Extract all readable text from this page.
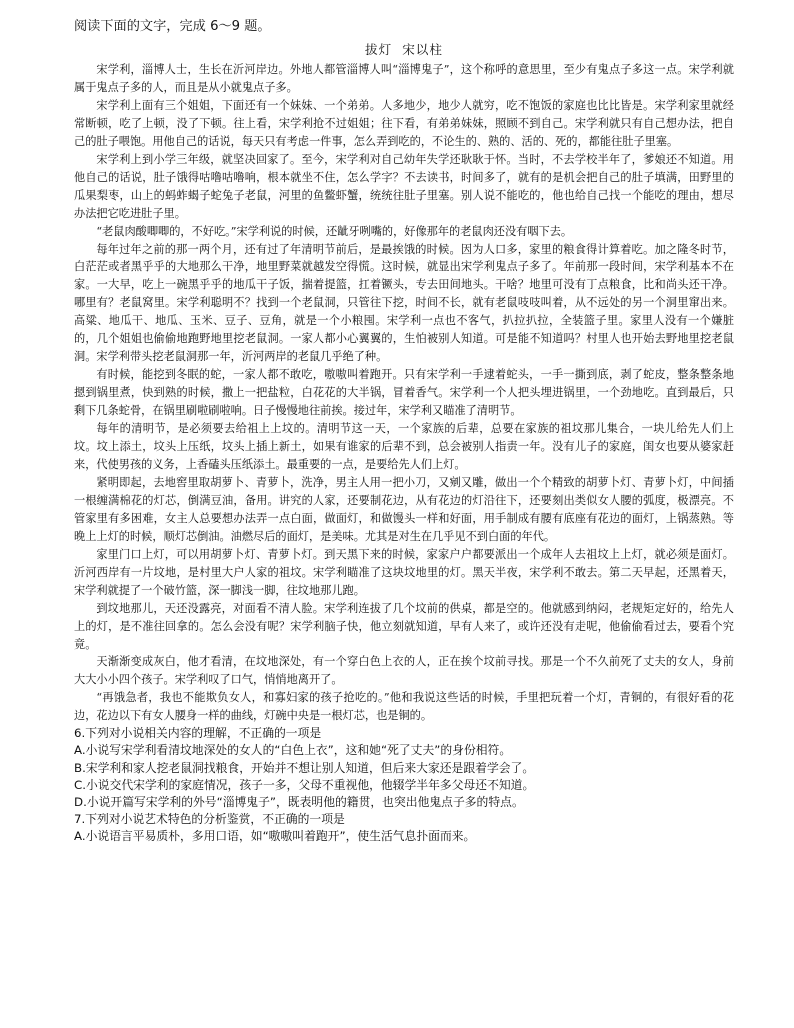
阅读下面的文字，完成 6～9 题。

拔灯 宋以柱

宋学利，淄博人士，生长在沂河岸边。外地人都管淄博人叫“淄博鬼子”，这个称呼的意思里，至少有鬼点子多这一点。宋学利就属于鬼点子多的人，而且是从小就鬼点子多。

宋学利上面有三个姐姐，下面还有一个妹妹、一个弟弟。人多地少，地少人就穷，吃不饱饭的家庭也比比皆是。宋学利家里就经常断顿，吃了上顿，没了下顿。往上看，宋学利抢不过姐姐；往下看，有弟弟妹妹，照顾不到自己。宋学利就只有自己想办法，把自己的肚子喂饱。用他自己的话说，每天只有考虑一件事，怎么弄到吃的，不论生的、熟的、活的、死的，都能往肚子里塞。

宋学利上到小学三年级，就坚决回家了。至今，宋学利对自己幼年失学还耿耿于怀。当时，不去学校半年了，爹娘还不知道。用他自己的话说，肚子饿得咕噜咕噜响，根本就坐不住，怎么学字？不去读书，时间多了，就有的是机会把自己的肚子填满，田野里的瓜果梨枣，山上的蚂蚱蝎子蛇兔子老鼠，河里的鱼鳖虾蟹，统统往肚子里塞。别人说不能吃的，他也给自己找一个能吃的理由，想尽办法把它吃进肚子里。

“老鼠肉酸唧唧的，不好吃。”宋学利说的时候，还龇牙咧嘴的，好像那年的老鼠肉还没有咽下去。

每年过年之前的那一两个月，还有过了年清明节前后，是最挨饿的时候。因为人口多，家里的粮食得计算着吃。加之隆冬时节，白茫茫或者黑乎乎的大地那么干净，地里野菜就越发空得慌。这时候，就显出宋学利鬼点子多了。年前那一段时间，宋学利基本不在家。一大早，吃上一碗黑乎乎的地瓜干子饭，揣着提篮，扛着镢头，专去田间地头。干啥？地里可没有丁点粮食，比和尚头还干净。哪里有？老鼠窝里。宋学利聪明不？找到一个老鼠洞，只管往下挖，时间不长，就有老鼠吱吱叫着，从不远处的另一个洞里窜出来。高粱、地瓜干、地瓜、玉米、豆子、豆角，就是一个小粮囤。宋学利一点也不客气，扒拉扒拉，全装篮子里。家里人没有一个嫌脏的，几个姐姐也偷偷地跑野地里挖老鼠洞。一家人都小心翼翼的，生怕被别人知道。可是能不知道吗？村里人也开始去野地里挖老鼠洞。宋学利带头挖老鼠洞那一年，沂河两岸的老鼠几乎绝了种。

有时候，能挖到冬眠的蛇，一家人都不敢吃，嗷嗷叫着跑开。只有宋学利一手逮着蛇头，一手一撕到底，剥了蛇皮，整条整条地摁到锅里煮，快到熟的时候，撒上一把盐粒，白花花的大半锅，冒着香气。宋学利一个人把头埋进锅里，一个劲地吃。直到最后，只剩下几条蛇骨，在锅里刷啦刷啦响。日子慢慢地往前挨。接过年，宋学利又瞄准了清明节。

每年的清明节，是必须要去给祖上上坟的。清明节这一天，一个家族的后辈，总要在家族的祖坟那儿集合，一块儿给先人们上坟。坟上添土，坟头上压纸，坟头上插上新土，如果有谁家的后辈不到，总会被别人指责一年。没有儿子的家庭，闺女也要从婆家赶来，代使男孩的义务，上香磕头压纸添土。最重要的一点，是要给先人们上灯。

紧明即起，去地窖里取胡萝卜、青萝卜，洗净，男主人用一把小刀，又剜又雕，做出一个个精致的胡萝卜灯、青萝卜灯，中间插一根缠满棉花的灯芯，倒满豆油，备用。讲究的人家，还要制花边，从有花边的灯沿往下，还要刻出类似女人腰的弧度，极漂亮。不管家里有多困难，女主人总要想办法弄一点白面，做面灯，和做馒头一样和好面，用手制成有腰有底座有花边的面灯，上锅蒸熟。等晚上上灯的时候，顺灯芯倒油。油燃尽后的面灯，是美味。尤其是对生在几乎见不到白面的年代。

家里门口上灯，可以用胡萝卜灯、青萝卜灯。到天黑下来的时候，家家户户都要派出一个成年人去祖坟上上灯，就必须是面灯。沂河西岸有一片坟地，是村里大户人家的祖坟。宋学利瞄准了这块坟地里的灯。黑天半夜，宋学利不敢去。第二天早起，还黑着天，宋学利就提了一个破竹篮，深一脚浅一脚，往坟地那儿跑。

到坟地那儿，天还没露亮，对面看不清人脸。宋学利连拔了几个坟前的供桌，都是空的。他就感到纳闷，老规矩定好的，给先人上的灯，是不准往回拿的。怎么会没有呢？宋学利脑子快，他立刻就知道，早有人来了，或许还没有走呢，他偷偷看过去，要看个究竟。

天渐渐变成灰白，他才看清，在坟地深处，有一个穿白色上衣的人，正在挨个坟前寻找。那是一个不久前死了丈夫的女人，身前大大小小四个孩子。宋学利叹了口气，悄悄地离开了。

“再饿急者，我也不能欺负女人，和寡妇家的孩子抢吃的。”他和我说这些话的时候，手里把玩着一个灯，青铜的，有很好看的花边，花边以下有女人腰身一样的曲线，灯碗中央是一根灯芯，也是铜的。

6.下列对小说相关内容的理解，不正确的一项是

A.小说写宋学利看清坟地深处的女人的“白色上衣”，这和她“死了丈夫”的身份相符。

B.宋学利和家人挖老鼠洞找粮食，开始并不想让别人知道，但后来大家还是跟着学会了。

C.小说交代宋学利的家庭情况，孩子一多，父母不重视他，他辍学半年多父母还不知道。

D.小说开篇写宋学利的外号“淄博鬼子”，既表明他的籍贯，也突出他鬼点子多的特点。

7.下列对小说艺术特色的分析鉴赏，不正确的一项是

A.小说语言平易质朴，多用口语，如“嗷嗷叫着跑开”，使生活气息扑面而来。
